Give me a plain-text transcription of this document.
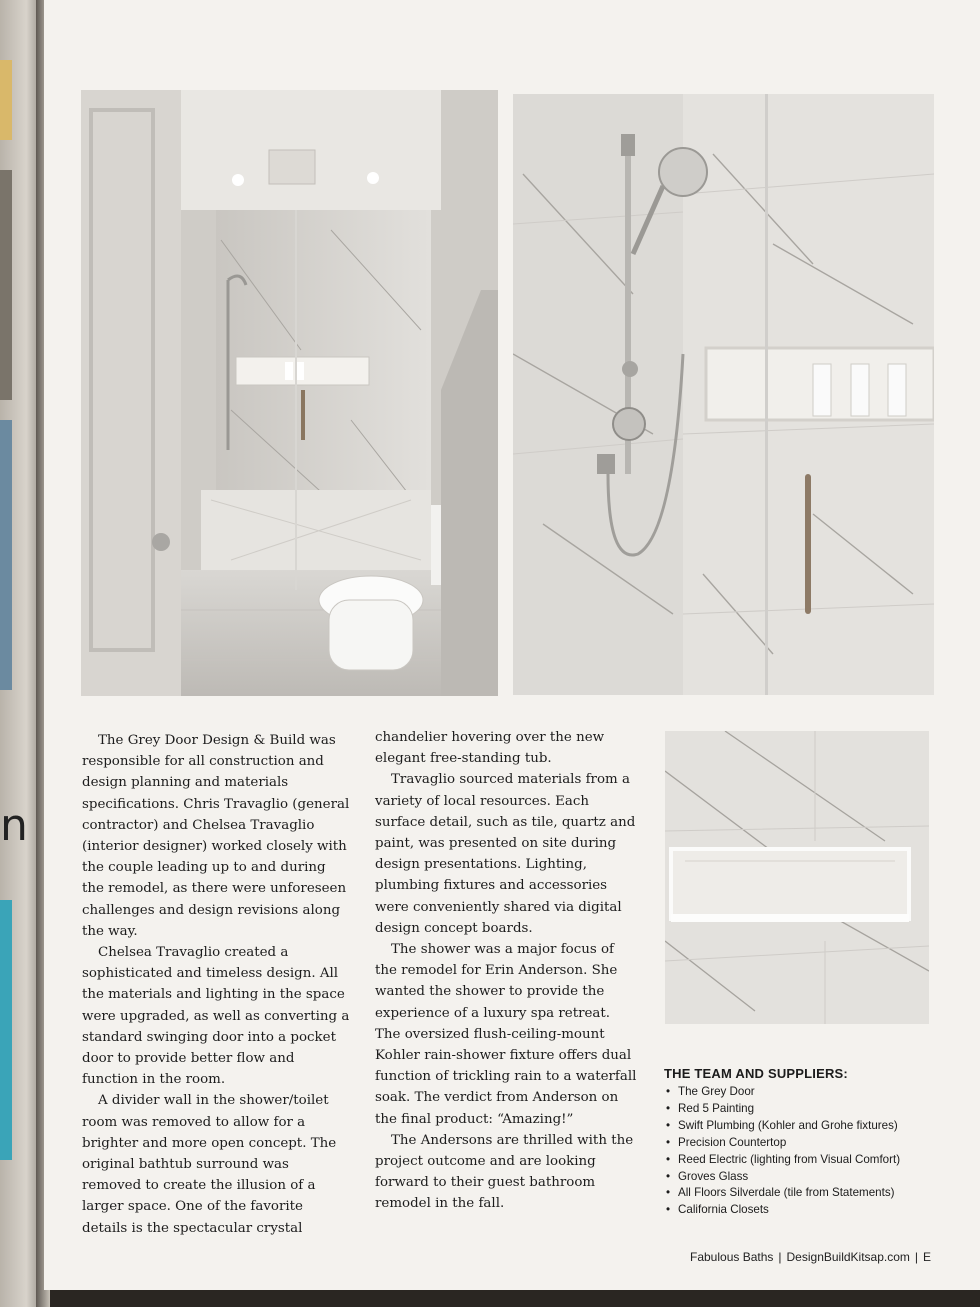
n

The Grey Door Design & Build was responsible for all construction and design planning and materials specifications. Chris Travaglio (general contractor) and Chelsea Travaglio (interior designer) worked closely with the couple leading up to and during the remodel, as there were unforeseen challenges and design revisions along the way.

Chelsea Travaglio created a sophisticated and timeless design. All the materials and lighting in the space were upgraded, as well as converting a standard swinging door into a pocket door to provide better flow and function in the room.

A divider wall in the shower/toilet room was removed to allow for a brighter and more open concept. The original bathtub surround was removed to create the illusion of a larger space. One of the favorite details is the spectacular crystal

chandelier hovering over the new elegant free-standing tub.

Travaglio sourced materials from a variety of local resources. Each surface detail, such as tile, quartz and paint, was presented on site during design presentations. Lighting, plumbing fixtures and accessories were conveniently shared via digital design concept boards.

The shower was a major focus of the remodel for Erin Anderson. She wanted the shower to provide the experience of a luxury spa retreat. The oversized flush-ceiling-mount Kohler rain-shower fixture offers dual function of trickling rain to a waterfall soak. The verdict from Anderson on the final product: “Amazing!”

The Andersons are thrilled with the project outcome and are looking forward to their guest bathroom remodel in the fall.

THE TEAM AND SUPPLIERS:
• The Grey Door
• Red 5 Painting
• Swift Plumbing (Kohler and Grohe fixtures)
• Precision Countertop
• Reed Electric (lighting from Visual Comfort)
• Groves Glass
• All Floors Silverdale (tile from Statements)
• California Closets
Fabulous Baths | DesignBuildKitsap.com | E
